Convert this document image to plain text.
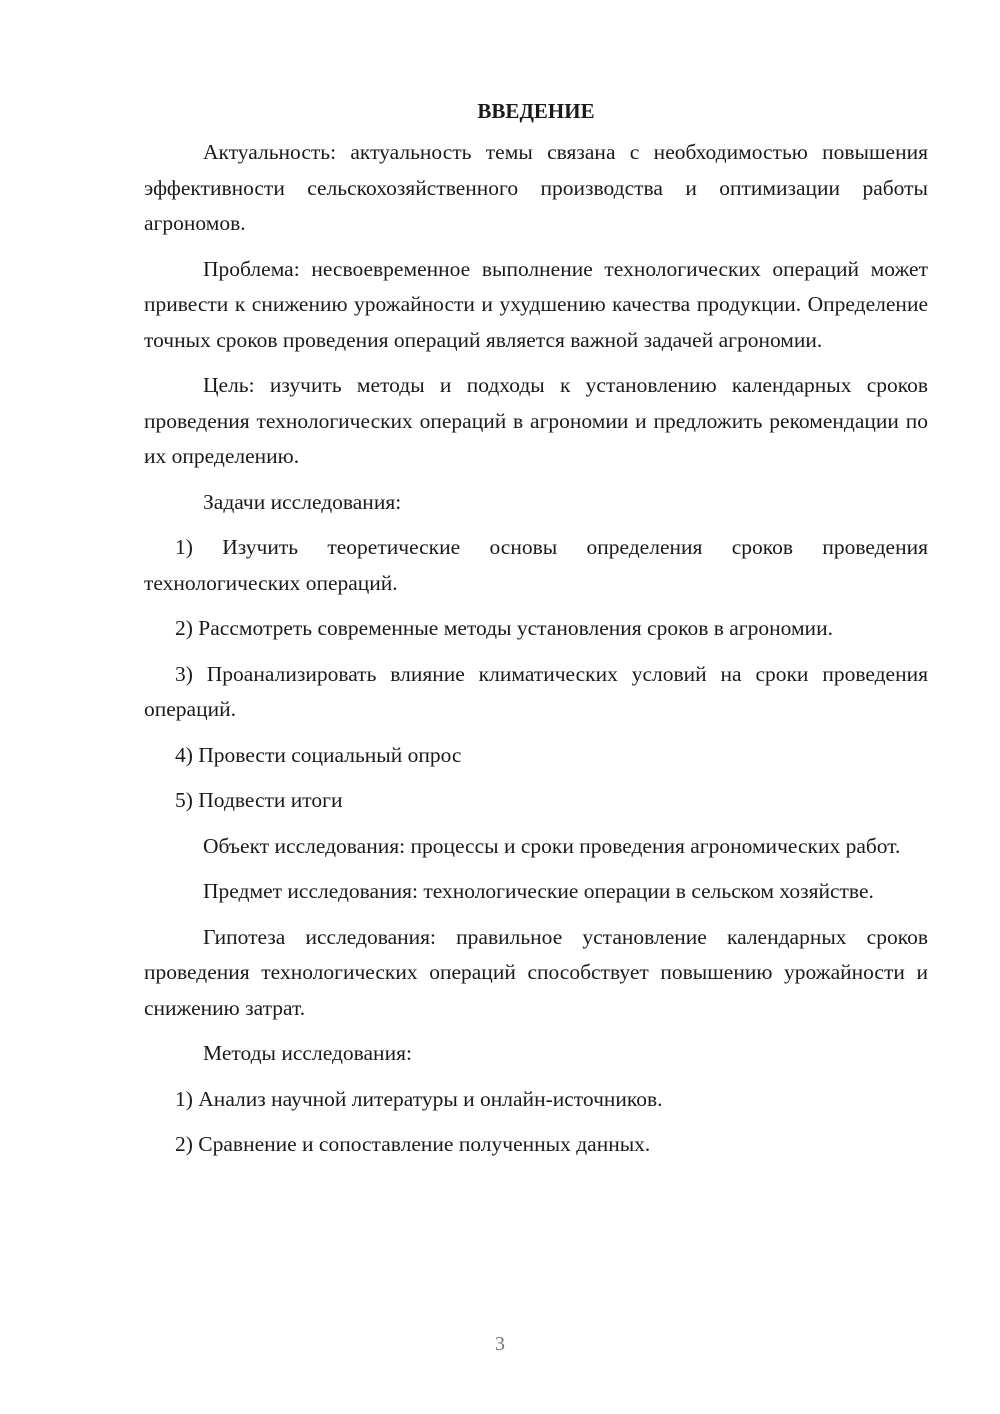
ВВЕДЕНИЕ

Актуальность: актуальность темы связана с необходимостью повышения эффективности сельскохозяйственного производства и оптимизации работы агрономов.

Проблема: несвоевременное выполнение технологических операций может привести к снижению урожайности и ухудшению качества продукции. Определение точных сроков проведения операций является важной задачей агрономии.

Цель: изучить методы и подходы к установлению календарных сроков проведения технологических операций в агрономии и предложить рекомендации по их определению.

Задачи исследования:

1) Изучить теоретические основы определения сроков проведения технологических операций.

2) Рассмотреть современные методы установления сроков в агрономии.

3) Проанализировать влияние климатических условий на сроки проведения операций.

4) Провести социальный опрос

5) Подвести итоги

Объект исследования: процессы и сроки проведения агрономических работ.

Предмет исследования: технологические операции в сельском хозяйстве.

Гипотеза исследования: правильное установление календарных сроков проведения технологических операций способствует повышению урожайности и снижению затрат.

Методы исследования:

1) Анализ научной литературы и онлайн-источников.

2) Сравнение и сопоставление полученных данных.

3
